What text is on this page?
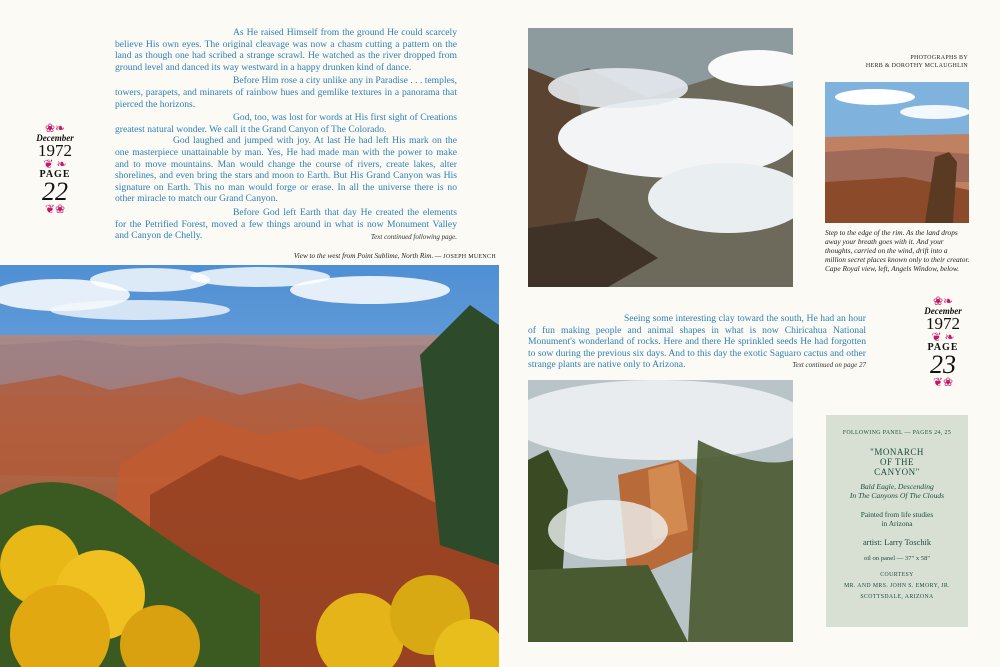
As He raised Himself from the ground He could scarcely believe His own eyes. The original cleavage was now a chasm cutting a pattern on the land as though one had scribed a strange scrawl. He watched as the river dropped from ground level and danced its way westward in a happy drunken kind of dance.

Before Him rose a city unlike any in Paradise . . . temples, towers, parapets, and minarets of rainbow hues and gemlike textures in a panorama that pierced the horizons.

God, too, was lost for words at His first sight of Creations greatest natural wonder. We call it the Grand Canyon of The Colorado.

God laughed and jumped with joy. At last He had left His mark on the one masterpiece unattainable by man. Yes, He had made man with the power to make and to move mountains. Man would change the course of rivers, create lakes, alter shorelines, and even bring the stars and moon to Earth. But His Grand Canyon was His signature on Earth. This no man would forge or erase. In all the universe there is no other miracle to match our Grand Canyon.

Before God left Earth that day He created the elements for the Petrified Forest, moved a few things around in what is now Monument Valley and Canyon de Chelly.	Text continued following page.
❀❧
December
1972
❦ ❧
PAGE
22
❦❀
View to the west from Point Sublime, North Rim. — JOSEPH MUENCH
PHOTOGRAPHS BY
HERB & DOROTHY MCLAUGHLIN
Step to the edge of the rim. As the land drops away your breath goes with it. And your thoughts, carried on the wind, drift into a million secret places known only to their creator. Cape Royal view, left, Angels Window, below.
❀❧
December
1972
❦ ❧
PAGE
23
❦❀

Seeing some interesting clay toward the south, He had an hour of fun making people and animal shapes in what is now Chiricahua National Monument's wonderland of rocks. Here and there He sprinkled seeds He had forgotten to sow during the previous six days. And to this day the exotic Saguaro cactus and other strange plants are native only to Arizona.	Text continued on page 27
FOLLOWING PANEL — PAGES 24, 25
"MONARCH
OF THE
CANYON"
Bald Eagle, Descending
In The Canyons Of The Clouds
Painted from life studies
in Arizona
artist: Larry Toschik
oil on panel — 37" x 58"
COURTESY
MR. AND MRS. JOHN S. EMORY, JR.
SCOTTSDALE, ARIZONA
